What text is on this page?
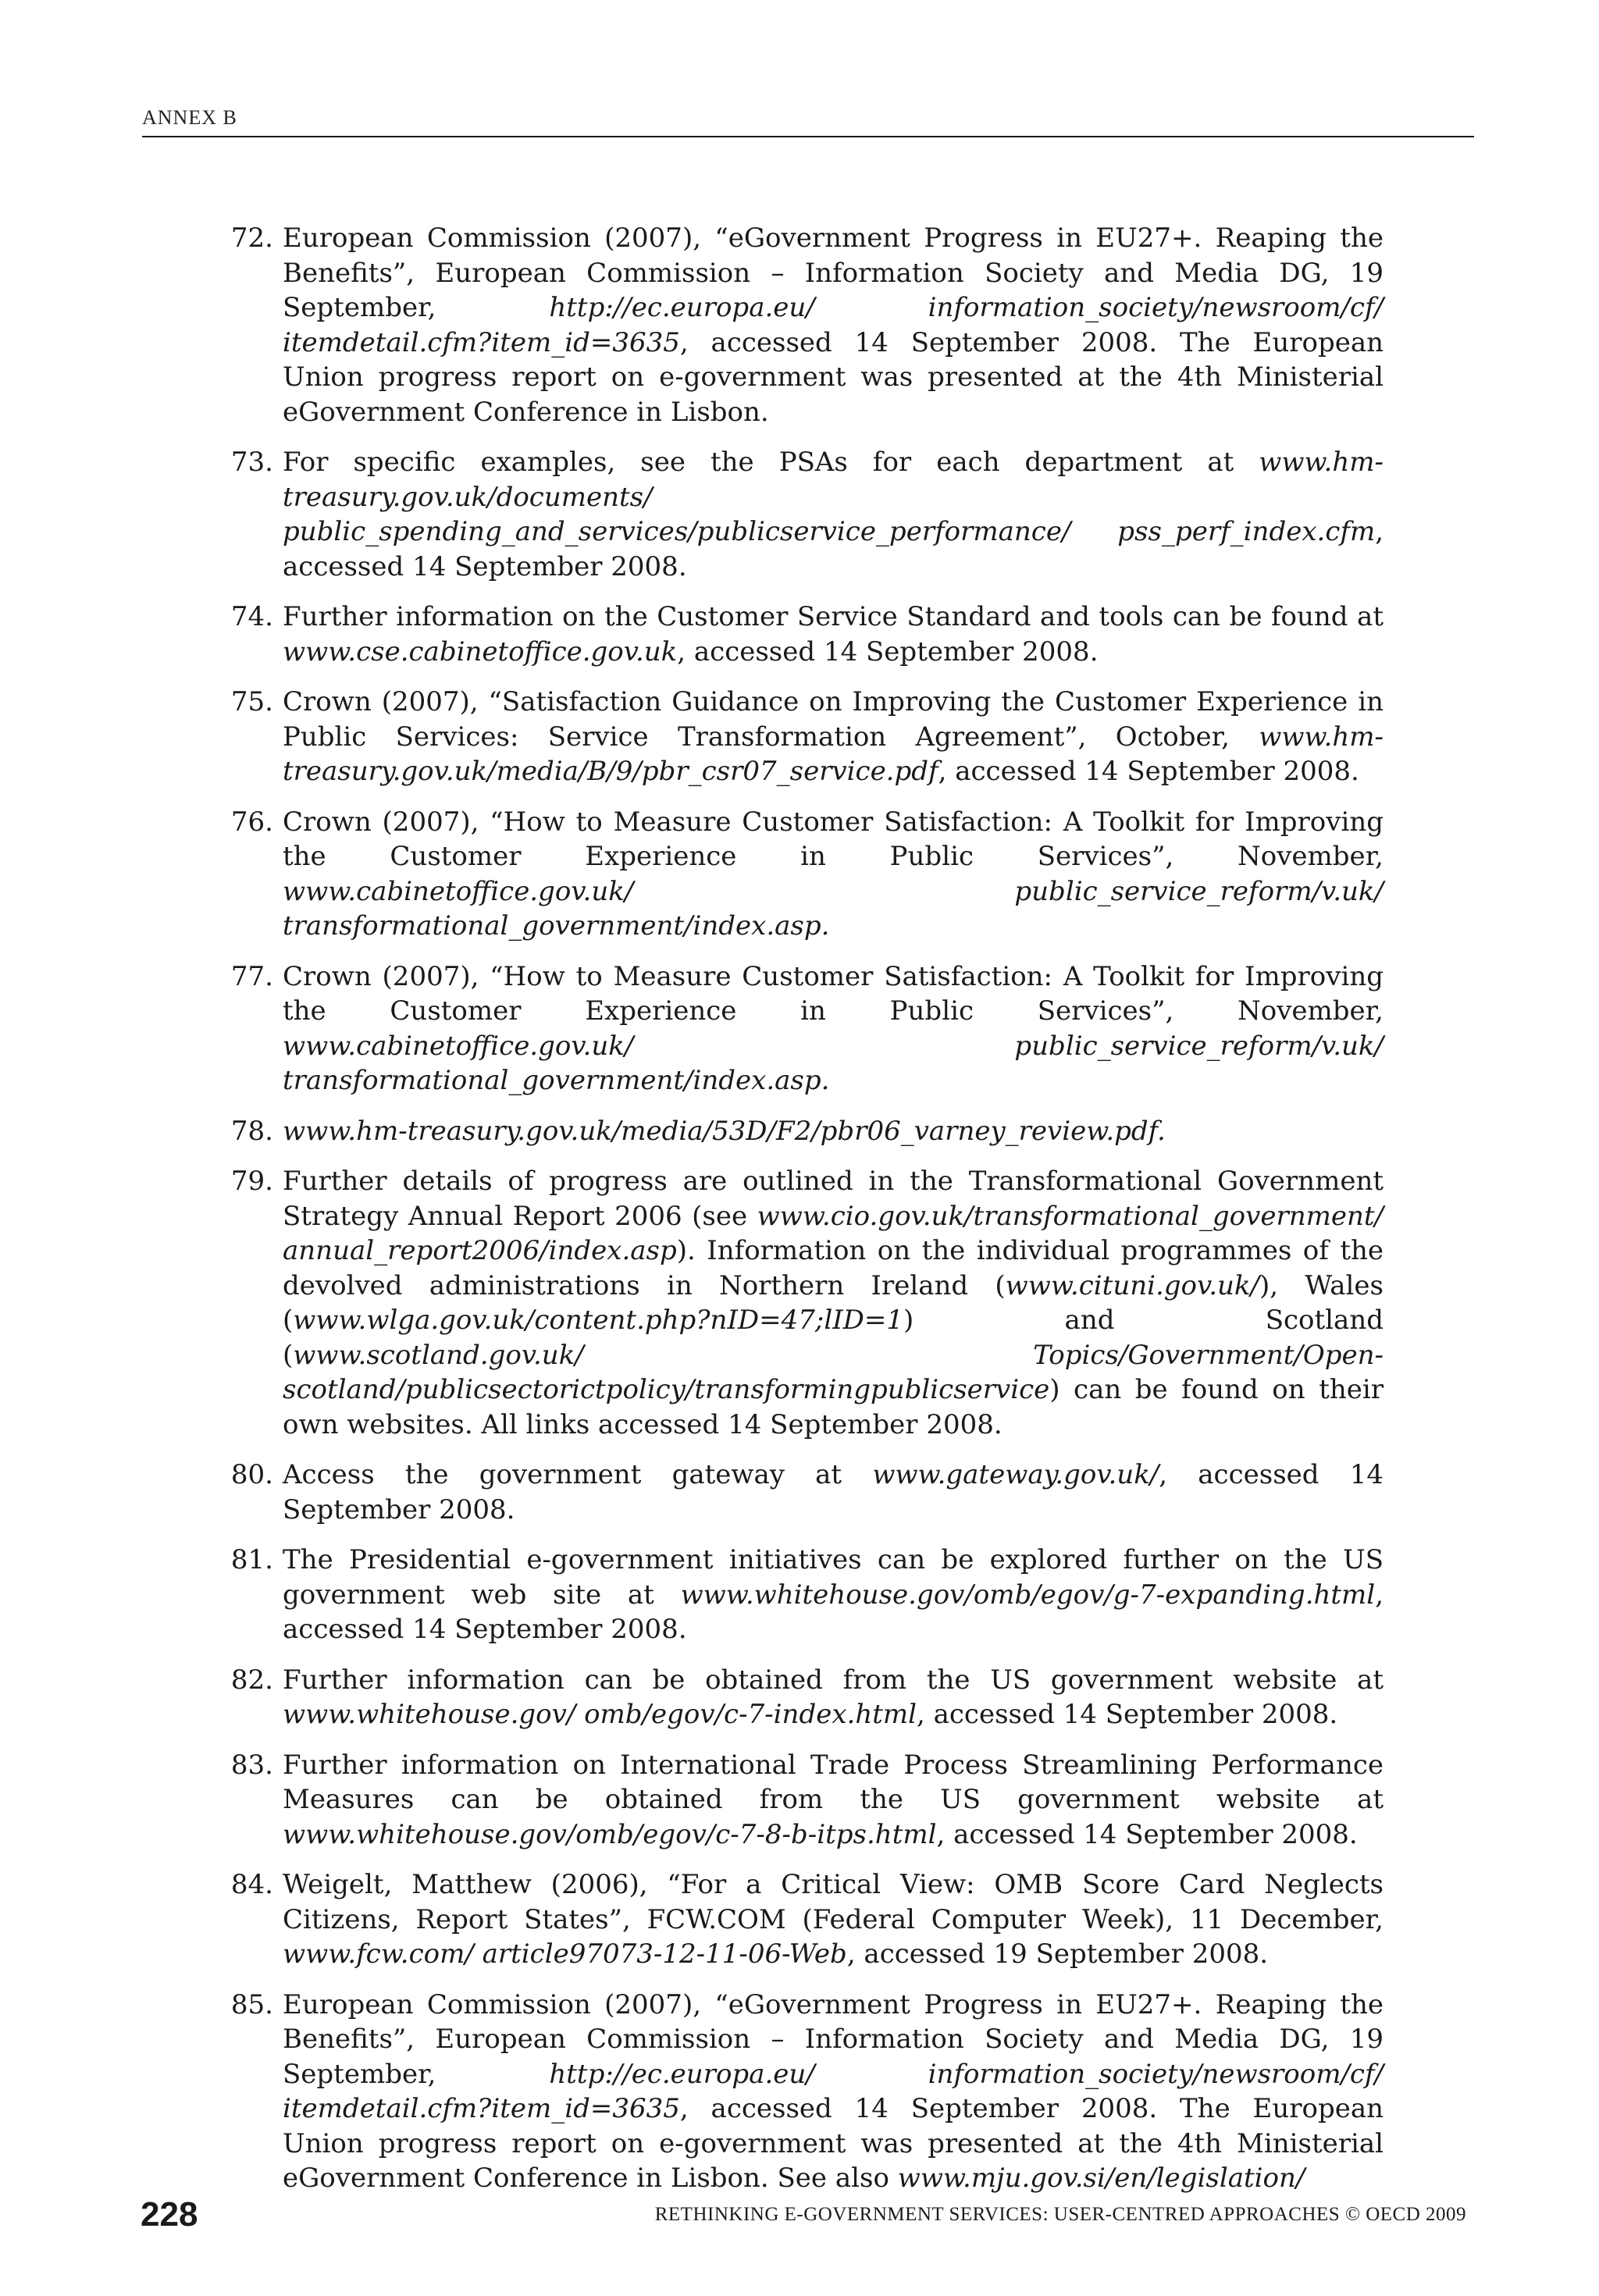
ANNEX B
72. European Commission (2007), “eGovernment Progress in EU27+. Reaping the Benefits”, European Commission – Information Society and Media DG, 19 September, http://ec.europa.eu/ information_society/newsroom/cf/ itemdetail.cfm?item_id=3635, accessed 14 September 2008. The European Union progress report on e-government was presented at the 4th Ministerial eGovernment Conference in Lisbon.
73. For specific examples, see the PSAs for each department at www.hm-treasury.gov.uk/documents/ public_spending_and_services/publicservice_performance/ pss_perf_index.cfm, accessed 14 September 2008.
74. Further information on the Customer Service Standard and tools can be found at www.cse.cabinetoffice.gov.uk, accessed 14 September 2008.
75. Crown (2007), “Satisfaction Guidance on Improving the Customer Experience in Public Services: Service Transformation Agreement”, October, www.hm-treasury.gov.uk/media/B/9/pbr_csr07_service.pdf, accessed 14 September 2008.
76. Crown (2007), “How to Measure Customer Satisfaction: A Toolkit for Improving the Customer Experience in Public Services”, November, www.cabinetoffice.gov.uk/ public_service_reform/v.uk/ transformational_government/index.asp.
77. Crown (2007), “How to Measure Customer Satisfaction: A Toolkit for Improving the Customer Experience in Public Services”, November, www.cabinetoffice.gov.uk/ public_service_reform/v.uk/ transformational_government/index.asp.
78. www.hm-treasury.gov.uk/media/53D/F2/pbr06_varney_review.pdf.
79. Further details of progress are outlined in the Transformational Government Strategy Annual Report 2006 (see www.cio.gov.uk/transformational_government/ annual_report2006/index.asp). Information on the individual programmes of the devolved administrations in Northern Ireland (www.cituni.gov.uk/), Wales (www.wlga.gov.uk/content.php?nID=47;lID=1) and Scotland (www.scotland.gov.uk/ Topics/Government/Open-scotland/publicsectorictpolicy/transformingpublicservice) can be found on their own websites. All links accessed 14 September 2008.
80. Access the government gateway at www.gateway.gov.uk/, accessed 14 September 2008.
81. The Presidential e-government initiatives can be explored further on the US government web site at www.whitehouse.gov/omb/egov/g-7-expanding.html, accessed 14 September 2008.
82. Further information can be obtained from the US government website at www.whitehouse.gov/ omb/egov/c-7-index.html, accessed 14 September 2008.
83. Further information on International Trade Process Streamlining Performance Measures can be obtained from the US government website at www.whitehouse.gov/omb/egov/c-7-8-b-itps.html, accessed 14 September 2008.
84. Weigelt, Matthew (2006), “For a Critical View: OMB Score Card Neglects Citizens, Report States”, FCW.COM (Federal Computer Week), 11 December, www.fcw.com/ article97073-12-11-06-Web, accessed 19 September 2008.
85. European Commission (2007), “eGovernment Progress in EU27+. Reaping the Benefits”, European Commission – Information Society and Media DG, 19 September, http://ec.europa.eu/ information_society/newsroom/cf/ itemdetail.cfm?item_id=3635, accessed 14 September 2008. The European Union progress report on e-government was presented at the 4th Ministerial eGovernment Conference in Lisbon. See also www.mju.gov.si/en/legislation/
228	RETHINKING E-GOVERNMENT SERVICES: USER-CENTRED APPROACHES © OECD 2009
